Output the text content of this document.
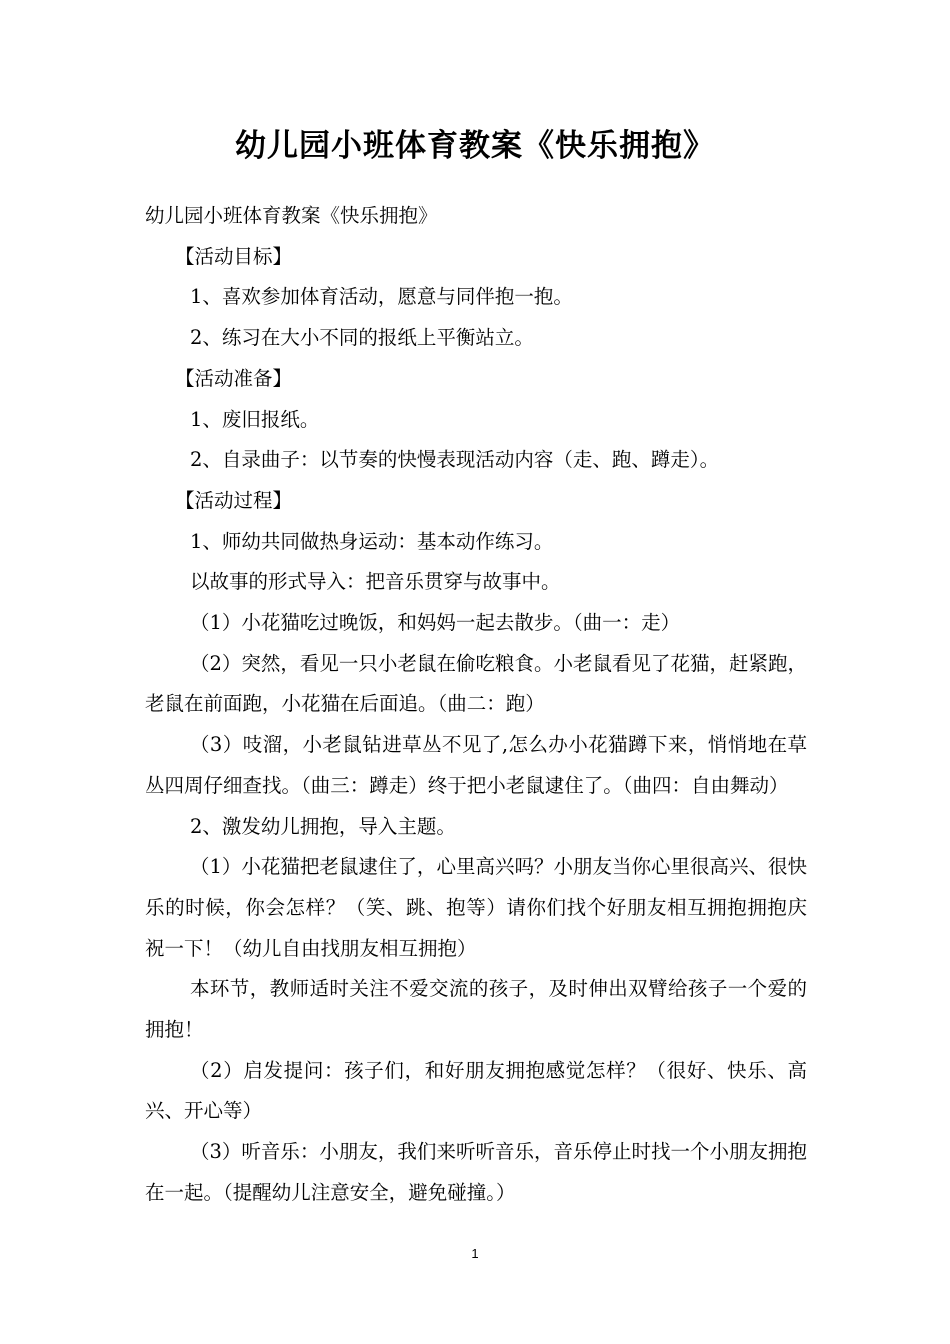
幼儿园小班体育教案《快乐拥抱》

幼儿园小班体育教案《快乐拥抱》

【活动目标】

1、喜欢参加体育活动，愿意与同伴抱一抱。

2、练习在大小不同的报纸上平衡站立。

【活动准备】

1、废旧报纸。

2、自录曲子：以节奏的快慢表现活动内容（走、跑、蹲走）。

【活动过程】

1、师幼共同做热身运动：基本动作练习。

以故事的形式导入：把音乐贯穿与故事中。

（1）小花猫吃过晚饭，和妈妈一起去散步。（曲一：走）

（2）突然，看见一只小老鼠在偷吃粮食。小老鼠看见了花猫，赶紧跑，老鼠在前面跑，小花猫在后面追。（曲二：跑）

（3）吱溜，小老鼠钻进草丛不见了,怎么办小花猫蹲下来，悄悄地在草丛四周仔细查找。（曲三：蹲走）终于把小老鼠逮住了。（曲四：自由舞动）

2、激发幼儿拥抱，导入主题。

（1）小花猫把老鼠逮住了，心里高兴吗？小朋友当你心里很高兴、很快乐的时候，你会怎样？（笑、跳、抱等）请你们找个好朋友相互拥抱拥抱庆祝一下！（幼儿自由找朋友相互拥抱）

本环节，教师适时关注不爱交流的孩子，及时伸出双臂给孩子一个爱的拥抱！

（2）启发提问：孩子们，和好朋友拥抱感觉怎样？（很好、快乐、高兴、开心等）

（3）听音乐：小朋友，我们来听听音乐，音乐停止时找一个小朋友拥抱在一起。（提醒幼儿注意安全，避免碰撞。）

1
